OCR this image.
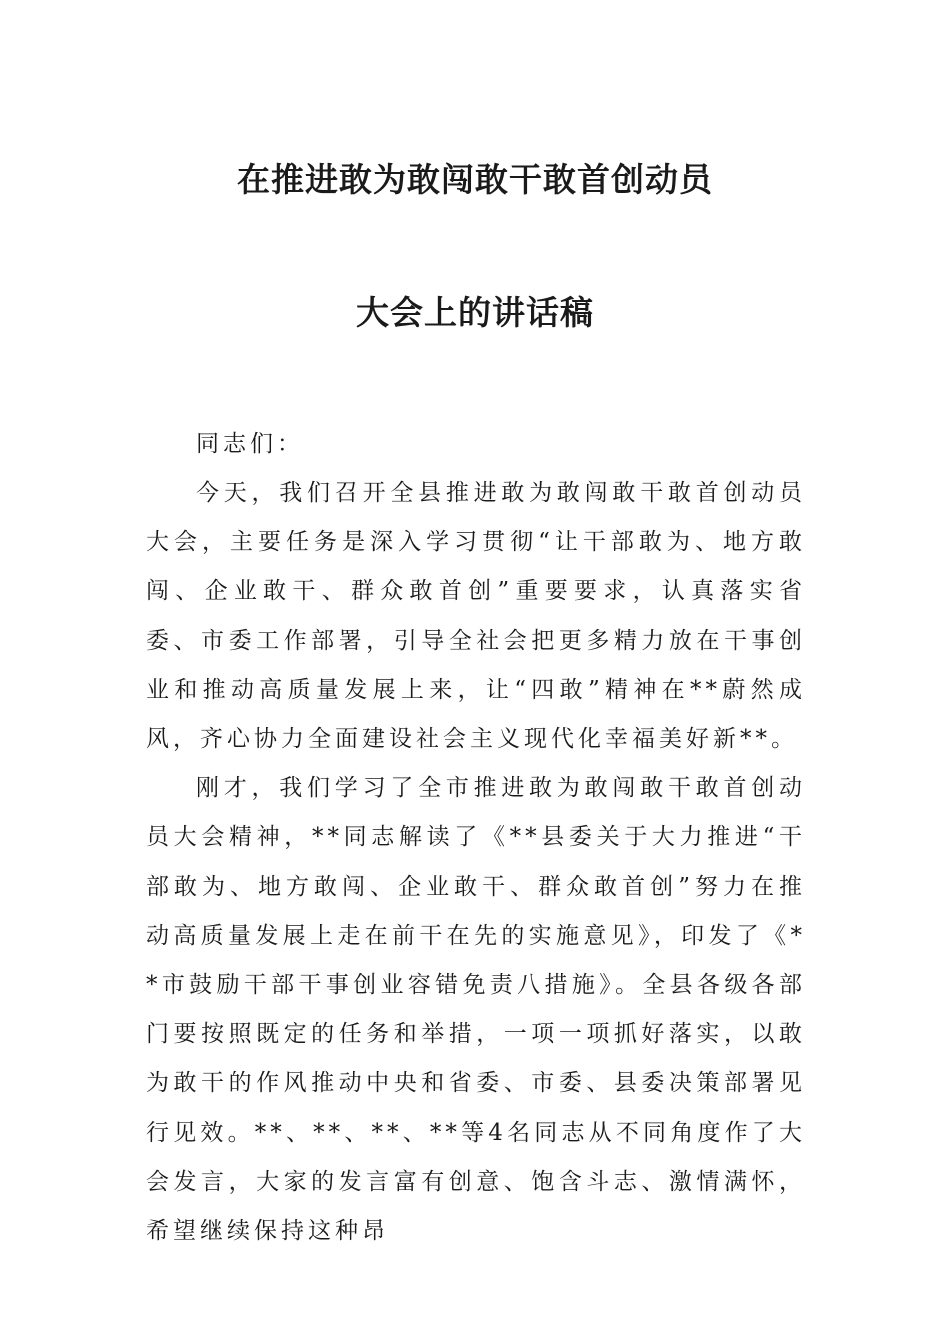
在推进敢为敢闯敢干敢首创动员
大会上的讲话稿
同志们：

今天，我们召开全县推进敢为敢闯敢干敢首创动员大会，主要任务是深入学习贯彻“让干部敢为、地方敢闯、企业敢干、群众敢首创”重要要求，认真落实省委、市委工作部署，引导全社会把更多精力放在干事创业和推动高质量发展上来，让“四敢”精神在**蔚然成风，齐心协力全面建设社会主义现代化幸福美好新**。

刚才，我们学习了全市推进敢为敢闯敢干敢首创动员大会精神，**同志解读了《**县委关于大力推进“干部敢为、地方敢闯、企业敢干、群众敢首创”努力在推动高质量发展上走在前干在先的实施意见》，印发了《**市鼓励干部干事创业容错免责八措施》。全县各级各部门要按照既定的任务和举措，一项一项抓好落实，以敢为敢干的作风推动中央和省委、市委、县委决策部署见行见效。**、**、**、**等4名同志从不同角度作了大会发言，大家的发言富有创意、饱含斗志、激情满怀，希望继续保持这种昂
